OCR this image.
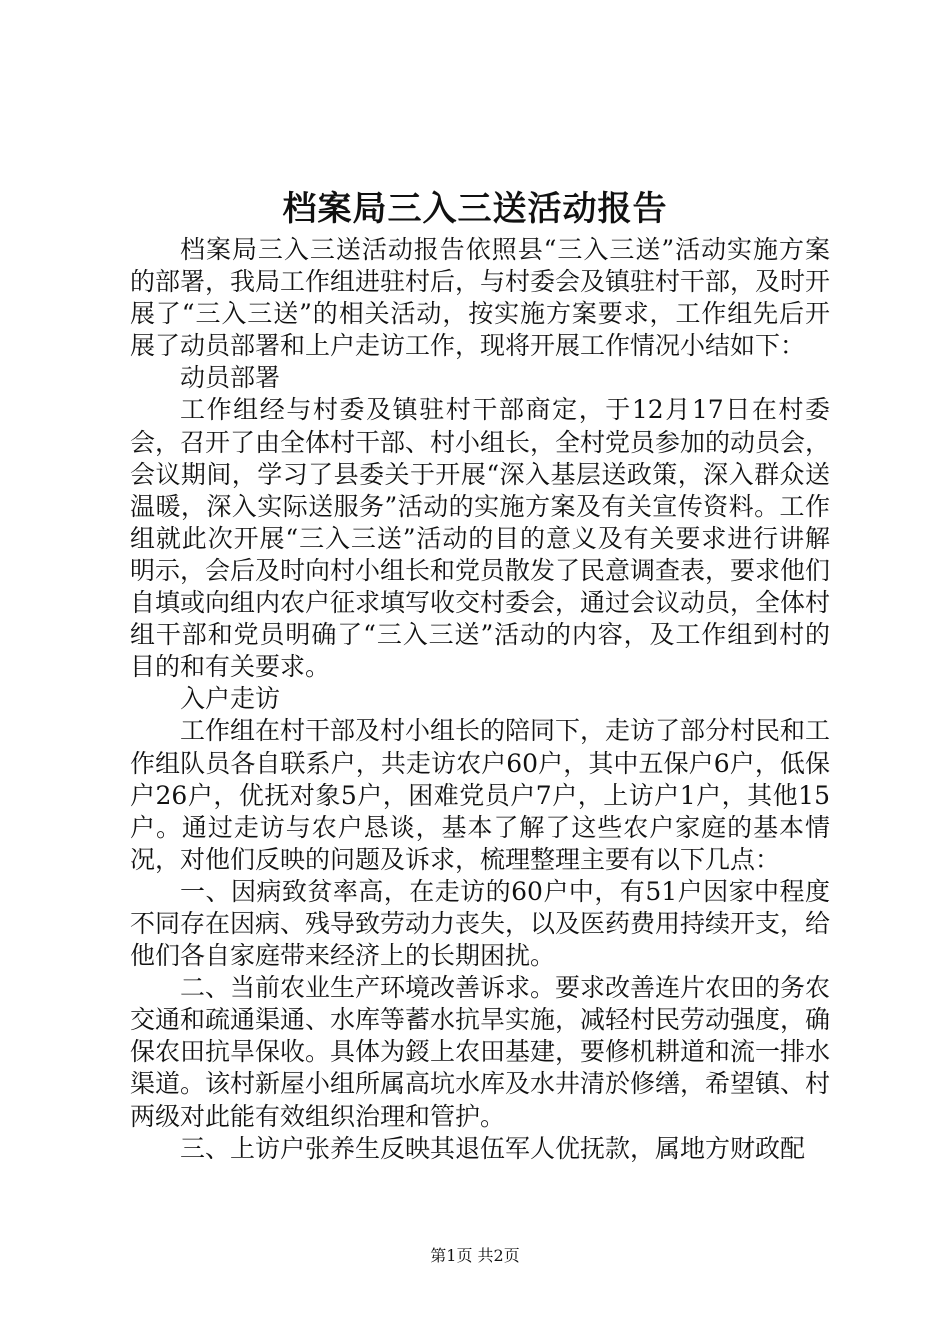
档案局三入三送活动报告

档案局三入三送活动报告依照县“三入三送”活动实施方案的部署，我局工作组进驻村后，与村委会及镇驻村干部，及时开展了“三入三送”的相关活动，按实施方案要求，工作组先后开展了动员部署和上户走访工作，现将开展工作情况小结如下：

动员部署

工作组经与村委及镇驻村干部商定，于12月17日在村委会，召开了由全体村干部、村小组长，全村党员参加的动员会，会议期间，学习了县委关于开展“深入基层送政策，深入群众送温暖，深入实际送服务”活动的实施方案及有关宣传资料。工作组就此次开展“三入三送”活动的目的意义及有关要求进行讲解明示，会后及时向村小组长和党员散发了民意调查表，要求他们自填或向组内农户征求填写收交村委会，通过会议动员，全体村组干部和党员明确了“三入三送”活动的内容，及工作组到村的目的和有关要求。

入户走访

工作组在村干部及村小组长的陪同下，走访了部分村民和工作组队员各自联系户，共走访农户60户，其中五保户6户，低保户26户，优抚对象5户，困难党员户7户，上访户1户，其他15户。通过走访与农户恳谈，基本了解了这些农户家庭的基本情况，对他们反映的问题及诉求，梳理整理主要有以下几点：

一、因病致贫率高，在走访的60户中，有51户因家中程度不同存在因病、残导致劳动力丧失，以及医药费用持续开支，给他们各自家庭带来经济上的长期困扰。

二、当前农业生产环境改善诉求。要求改善连片农田的务农交通和疏通渠通、水库等蓄水抗旱实施，减轻村民劳动强度，确保农田抗旱保收。具体为鋄上农田基建，要修机耕道和流一排水渠道。该村新屋小组所属高坑水库及水井清於修缮，希望镇、村两级对此能有效组织治理和管护。

三、上访户张养生反映其退伍军人优抚款，属地方财政配

第1页 共2页
